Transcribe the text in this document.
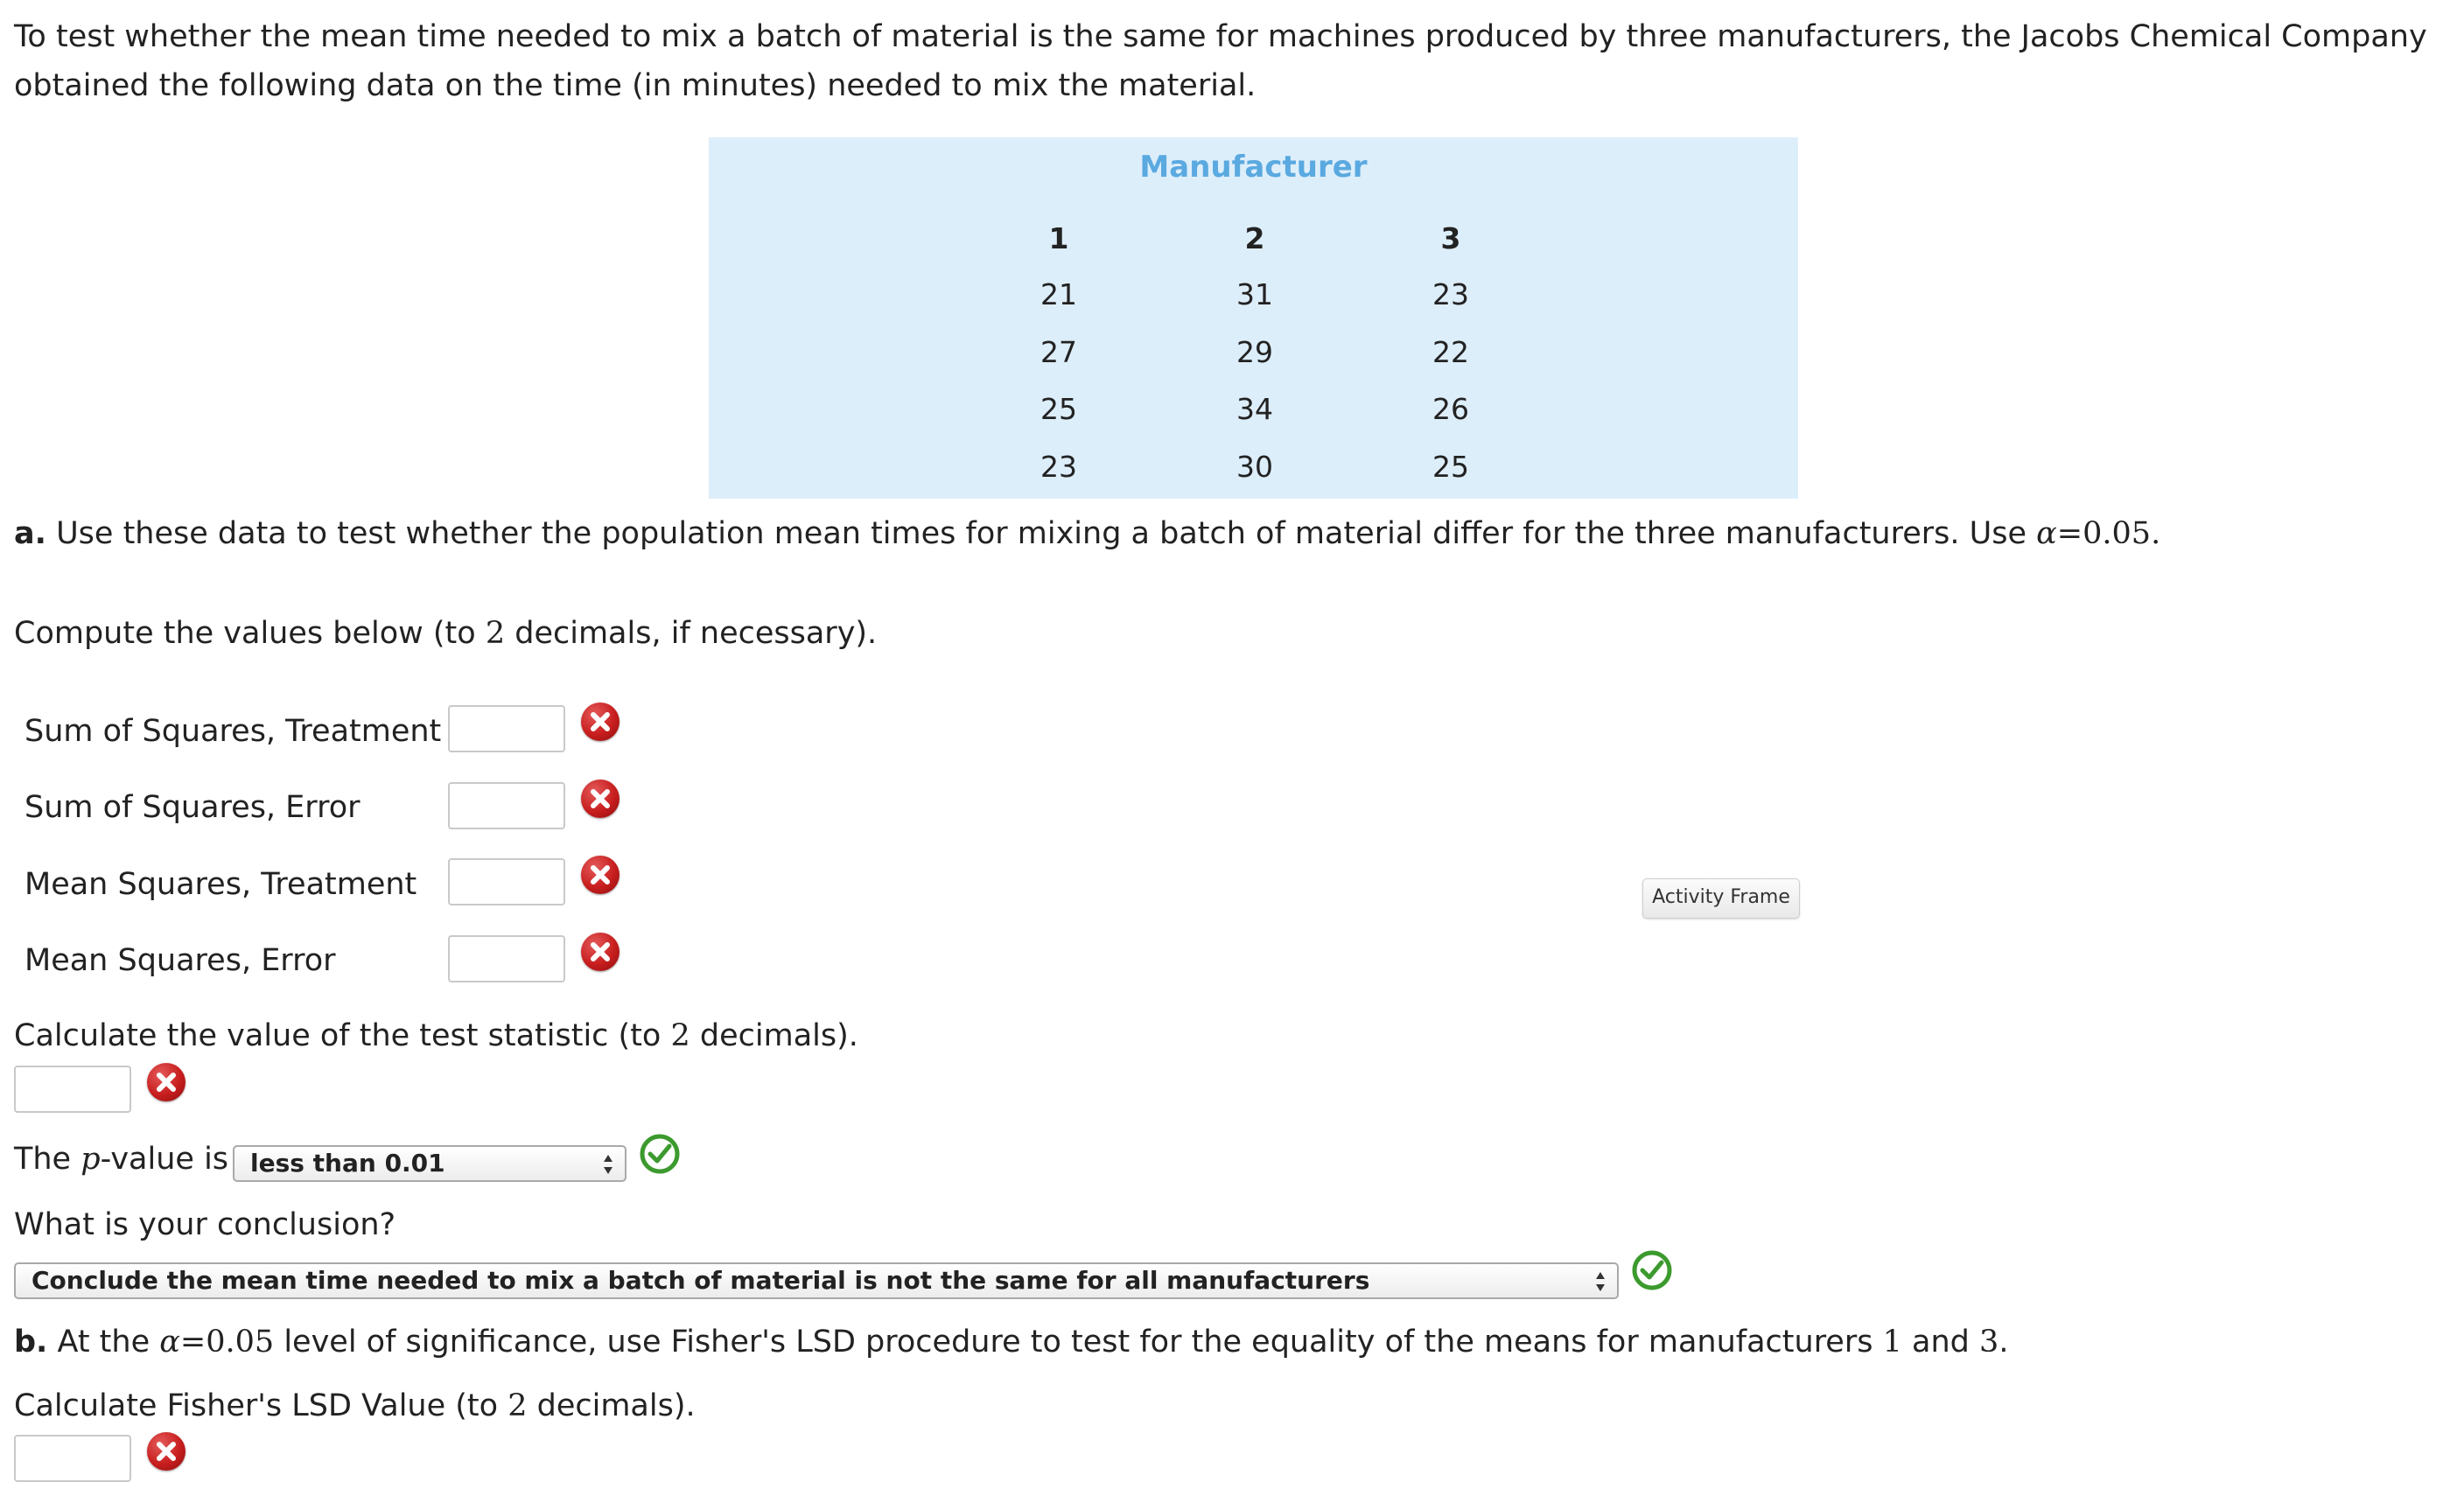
To test whether the mean time needed to mix a batch of material is the same for machines produced by three manufacturers, the Jacobs Chemical Company obtained the following data on the time (in minutes) needed to mix the material.

Manufacturer
1	2	3
21	31	23
27	29	22
25	34	26
23	30	25

a. Use these data to test whether the population mean times for mixing a batch of material differ for the three manufacturers. Use α=0.05.

Compute the values below (to 2 decimals, if necessary).

Sum of Squares, Treatment
Sum of Squares, Error
Mean Squares, Treatment
Mean Squares, Error
Activity Frame
Calculate the value of the test statistic (to 2 decimals).
The p-value is less than 0.01
What is your conclusion?
Conclude the mean time needed to mix a batch of material is not the same for all manufacturers
b. At the α=0.05 level of significance, use Fisher's LSD procedure to test for the equality of the means for manufacturers 1 and 3.
Calculate Fisher's LSD Value (to 2 decimals).
